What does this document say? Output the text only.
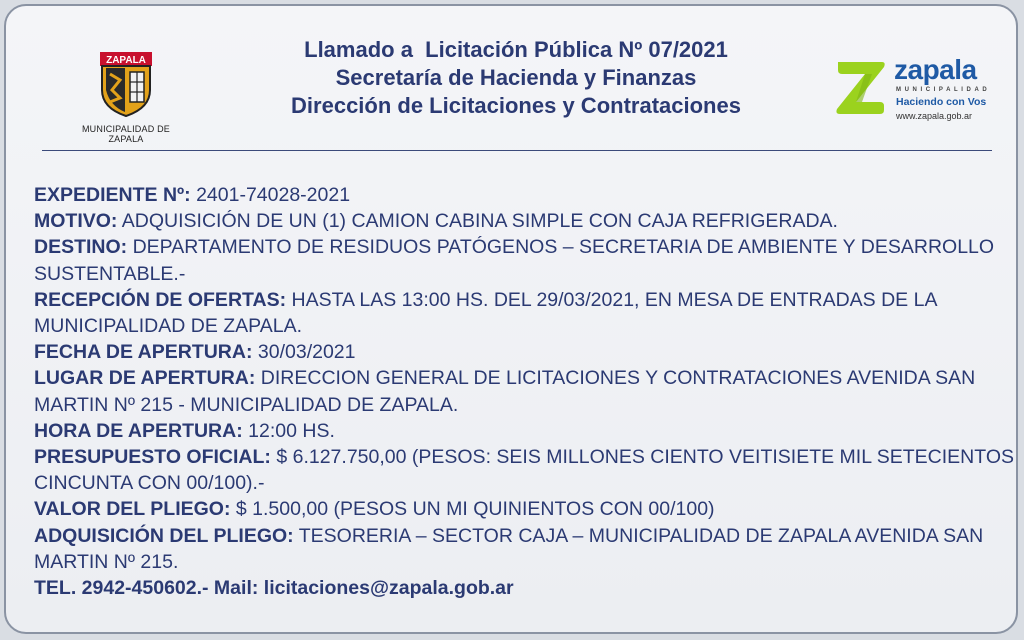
ZAPALA
MUNICIPALIDAD DE ZAPALA
Llamado a  Licitación Pública Nº 07/2021
Secretaría de Hacienda y Finanzas
Dirección de Licitaciones y Contrataciones
zapala
MUNICIPALIDAD
Haciendo con Vos
www.zapala.gob.ar

EXPEDIENTE Nº: 2401-74028-2021

MOTIVO: ADQUISICIÓN DE UN (1) CAMION CABINA SIMPLE CON CAJA REFRIGERADA.

DESTINO: DEPARTAMENTO DE RESIDUOS PATÓGENOS – SECRETARIA DE AMBIENTE Y DESARROLLO SUSTENTABLE.-

RECEPCIÓN DE OFERTAS: HASTA LAS 13:00 HS. DEL 29/03/2021, EN MESA DE ENTRADAS DE LA MUNICIPALIDAD DE ZAPALA.

FECHA DE APERTURA: 30/03/2021

LUGAR DE APERTURA: DIRECCION GENERAL DE LICITACIONES Y CONTRATACIONES AVENIDA SAN MARTIN Nº 215 - MUNICIPALIDAD DE ZAPALA.

HORA DE APERTURA: 12:00 HS.

PRESUPUESTO OFICIAL: $ 6.127.750,00 (PESOS: SEIS MILLONES CIENTO VEITISIETE MIL SETECIENTOS CINCUNTA CON 00/100).-

VALOR DEL PLIEGO: $ 1.500,00 (PESOS UN MI QUINIENTOS CON 00/100)

ADQUISICIÓN DEL PLIEGO: TESORERIA – SECTOR CAJA – MUNICIPALIDAD DE ZAPALA AVENIDA SAN MARTIN Nº 215.

TEL. 2942-450602.- Mail: licitaciones@zapala.gob.ar
